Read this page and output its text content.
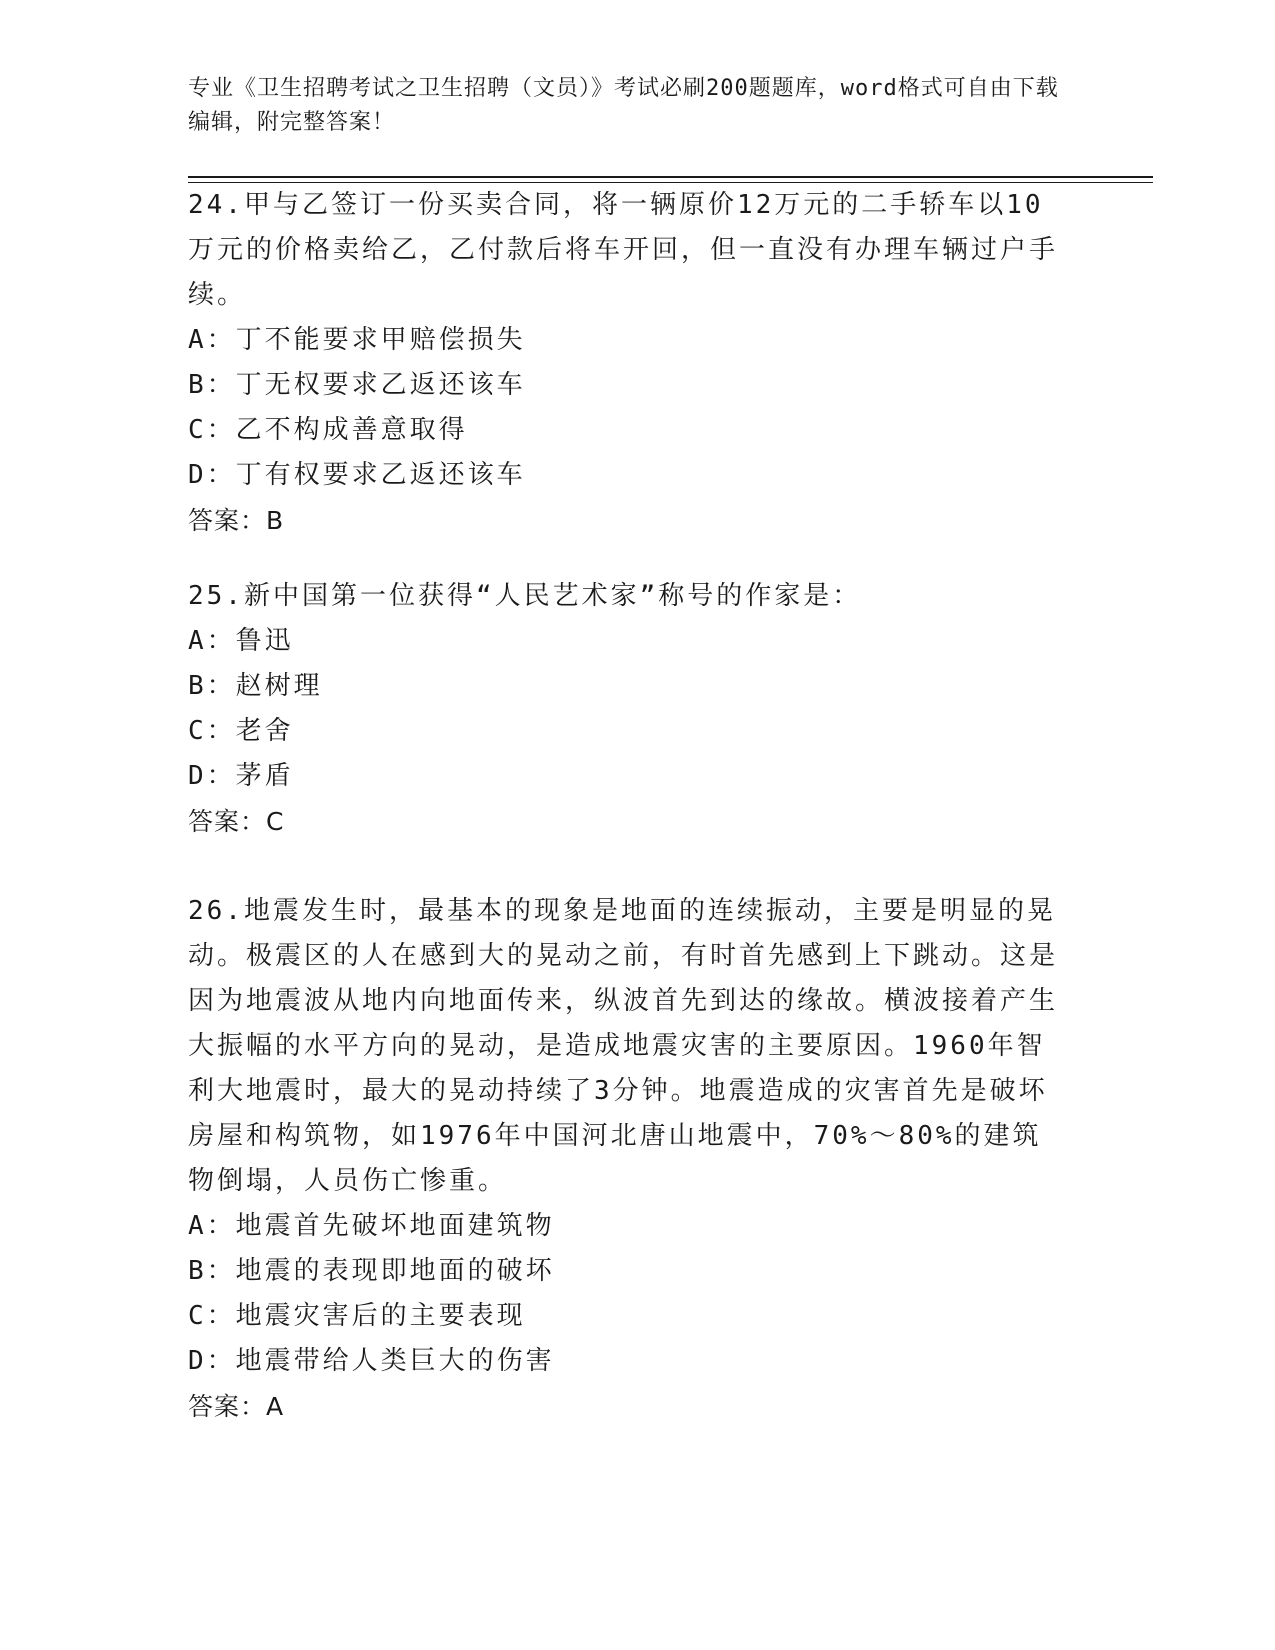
专业《卫生招聘考试之卫生招聘（文员）》考试必刷200题题库，word格式可自由下载编辑，附完整答案！

24.甲与乙签订一份买卖合同，将一辆原价12万元的二手轿车以10万元的价格卖给乙，乙付款后将车开回，但一直没有办理车辆过户手续。

A：丁不能要求甲赔偿损失

B：丁无权要求乙返还该车

C：乙不构成善意取得

D：丁有权要求乙返还该车

答案：B

25.新中国第一位获得“人民艺术家”称号的作家是：

A：鲁迅

B：赵树理

C：老舍

D：茅盾

答案：C

26.地震发生时，最基本的现象是地面的连续振动，主要是明显的晃动。极震区的人在感到大的晃动之前，有时首先感到上下跳动。这是因为地震波从地内向地面传来，纵波首先到达的缘故。横波接着产生大振幅的水平方向的晃动，是造成地震灾害的主要原因。1960年智利大地震时，最大的晃动持续了3分钟。地震造成的灾害首先是破坏房屋和构筑物，如1976年中国河北唐山地震中，70%～80%的建筑物倒塌，人员伤亡惨重。

A：地震首先破坏地面建筑物

B：地震的表现即地面的破坏

C：地震灾害后的主要表现

D：地震带给人类巨大的伤害

答案：A
